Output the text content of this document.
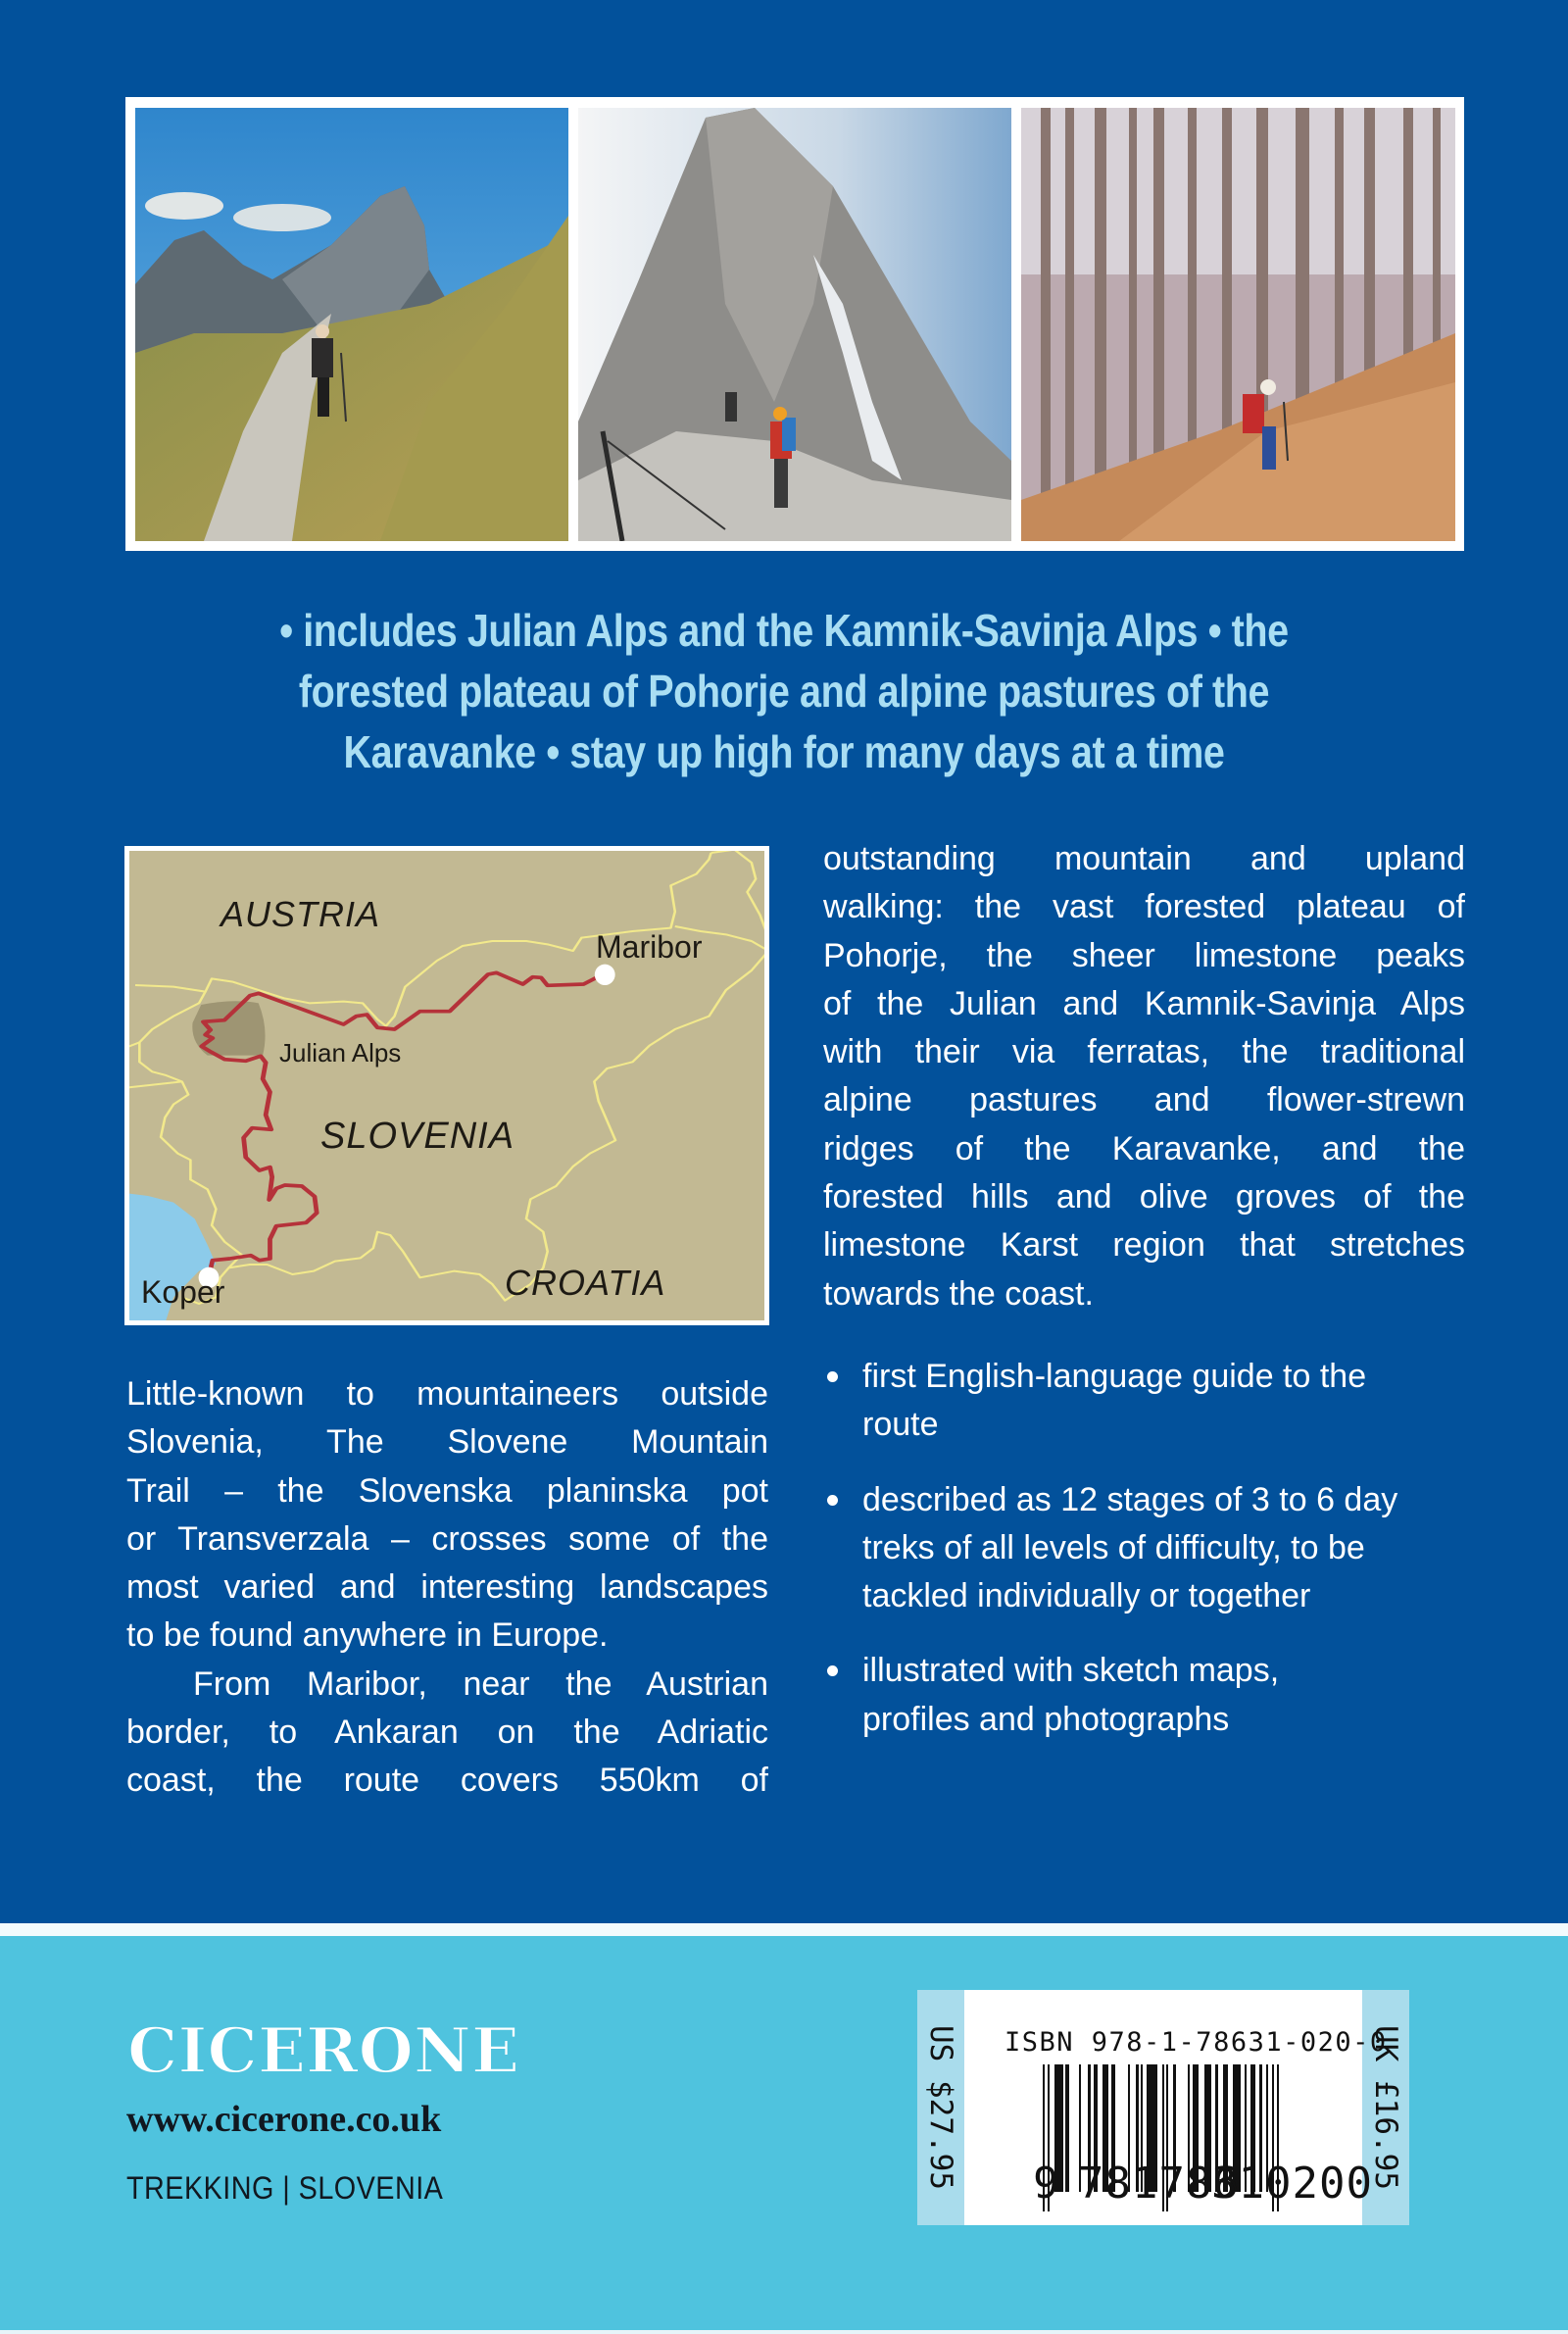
• includes Julian Alps and the Kamnik-Savinja Alps • the
forested plateau of Pohorje and alpine pastures of the
Karavanke • stay up high for many days at a time
AUSTRIA
Maribor
Julian Alps
SLOVENIA
CROATIA
Koper
outstanding mountain and upland
walking: the vast forested plateau of
Pohorje, the sheer limestone peaks
of the Julian and Kamnik-Savinja Alps
with their via ferratas, the traditional
alpine pastures and flower-strewn
ridges of the Karavanke, and the
forested hills and olive groves of the
limestone Karst region that stretches
towards the coast.
Little-known to mountaineers outside
Slovenia, The Slovene Mountain
Trail – the Slovenska planinska pot
or Transverzala – crosses some of the
most varied and interesting landscapes
to be found anywhere in Europe.
From Maribor, near the Austrian
border, to Ankaran on the Adriatic
coast, the route covers 550km of
first English-language guide to the
route
described as 12 stages of 3 to 6 day
treks of all levels of difficulty, to be
tackled individually or together
illustrated with sketch maps,
profiles and photographs
CICERONE
www.cicerone.co.uk
TREKKING | SLOVENIA	US $27.95	UK £16.95
ISBN 978-1-78631-020-0
9 781786
310200
